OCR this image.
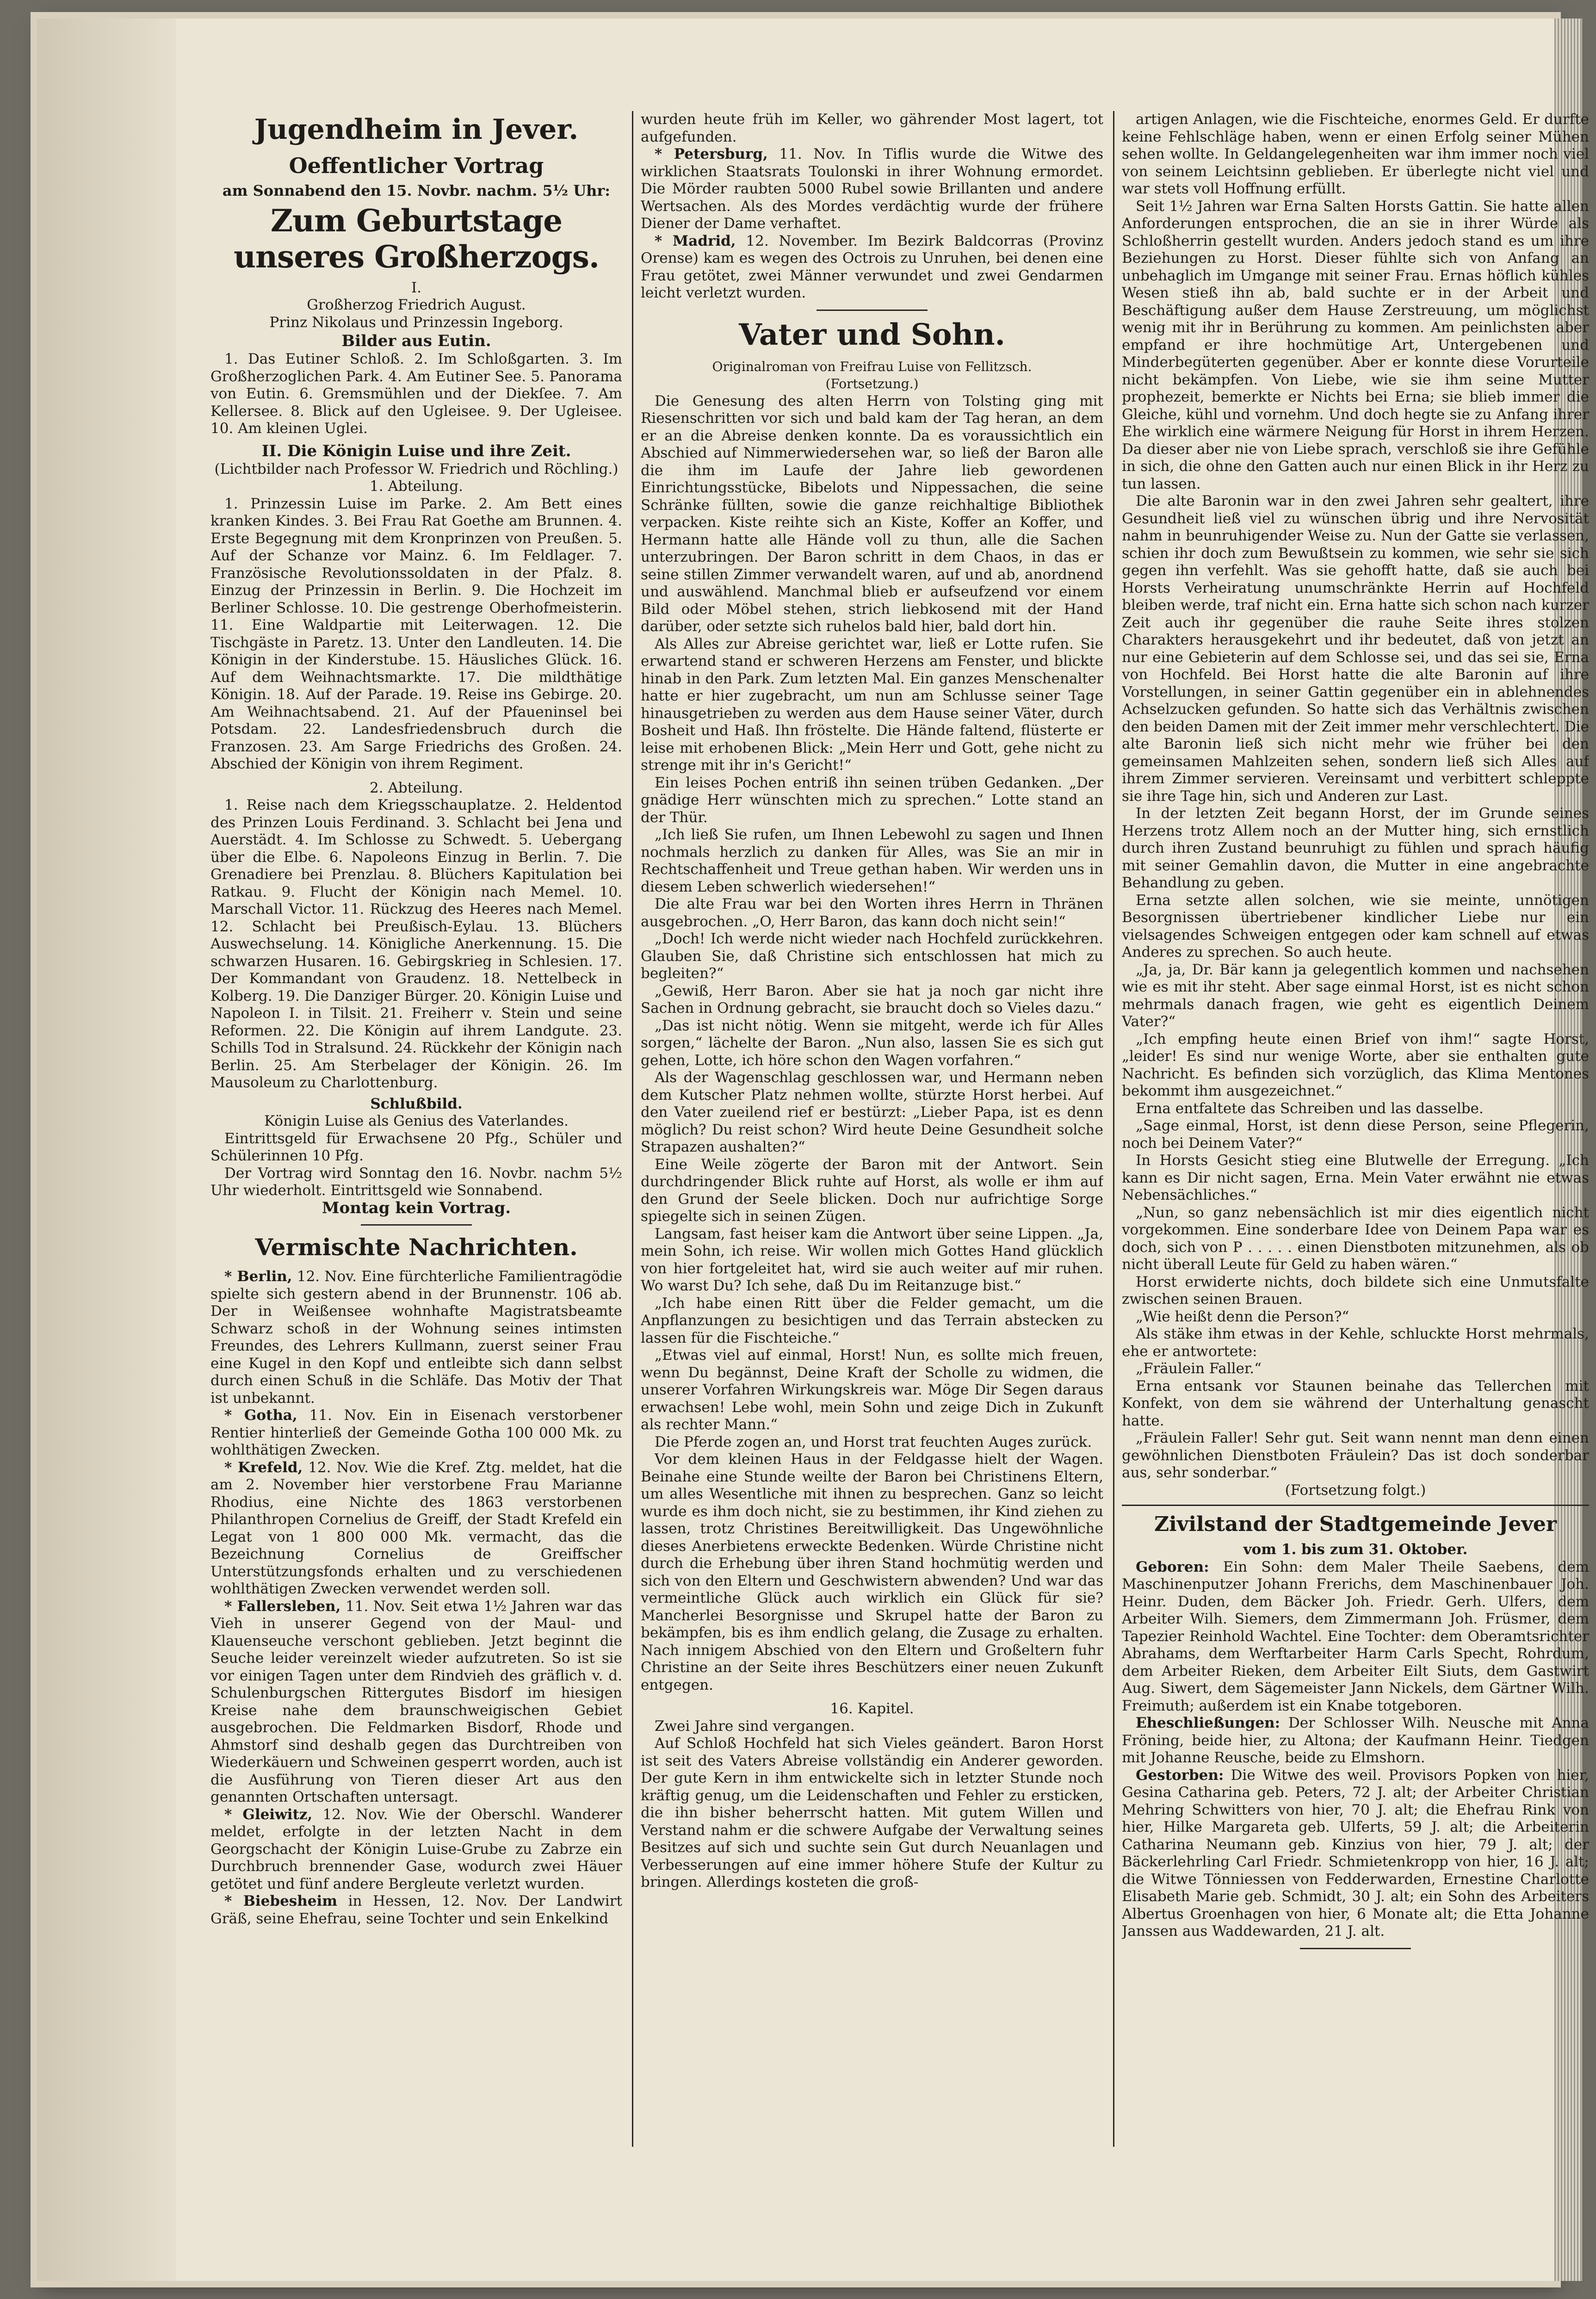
Jugendheim in Jever.
Oeffentlicher Vortrag
am Sonnabend den 15. Novbr. nachm. 5½ Uhr:
Zum Geburtstage unseres Großherzogs.
I.
Großherzog Friedrich August.
Prinz Nikolaus und Prinzessin Ingeborg.
Bilder aus Eutin.

1. Das Eutiner Schloß. 2. Im Schloßgarten. 3. Im Großherzoglichen Park. 4. Am Eutiner See. 5. Panorama von Eutin. 6. Gremsmühlen und der Diekſee. 7. Am Kellersee. 8. Blick auf den Ugleisee. 9. Der Ugleisee. 10. Am kleinen Uglei.

II. Die Königin Luise und ihre Zeit.
(Lichtbilder nach Professor W. Friedrich und Röchling.)
1. Abteilung.

1. Prinzessin Luise im Parke. 2. Am Bett eines kranken Kindes. 3. Bei Frau Rat Goethe am Brunnen. 4. Erste Begegnung mit dem Kronprinzen von Preußen. 5. Auf der Schanze vor Mainz. 6. Im Feldlager. 7. Französische Revolutionssoldaten in der Pfalz. 8. Einzug der Prinzessin in Berlin. 9. Die Hochzeit im Berliner Schlosse. 10. Die gestrenge Oberhofmeisterin. 11. Eine Waldpartie mit Leiterwagen. 12. Die Tischgäste in Paretz. 13. Unter den Landleuten. 14. Die Königin in der Kinderstube. 15. Häusliches Glück. 16. Auf dem Weihnachtsmarkte. 17. Die mildthätige Königin. 18. Auf der Parade. 19. Reise ins Gebirge. 20. Am Weihnachtsabend. 21. Auf der Pfaueninsel bei Potsdam. 22. Landesfriedensbruch durch die Franzosen. 23. Am Sarge Friedrichs des Großen. 24. Abschied der Königin von ihrem Regiment.

2. Abteilung.

1. Reise nach dem Kriegsschauplatze. 2. Heldentod des Prinzen Louis Ferdinand. 3. Schlacht bei Jena und Auerstädt. 4. Im Schlosse zu Schwedt. 5. Uebergang über die Elbe. 6. Napoleons Einzug in Berlin. 7. Die Grenadiere bei Prenzlau. 8. Blüchers Kapitulation bei Ratkau. 9. Flucht der Königin nach Memel. 10. Marschall Victor. 11. Rückzug des Heeres nach Memel. 12. Schlacht bei Preußisch-Eylau. 13. Blüchers Auswechselung. 14. Königliche Anerkennung. 15. Die schwarzen Husaren. 16. Gebirgskrieg in Schlesien. 17. Der Kommandant von Graudenz. 18. Nettelbeck in Kolberg. 19. Die Danziger Bürger. 20. Königin Luise und Napoleon I. in Tilsit. 21. Freiherr v. Stein und seine Reformen. 22. Die Königin auf ihrem Landgute. 23. Schills Tod in Stralsund. 24. Rückkehr der Königin nach Berlin. 25. Am Sterbelager der Königin. 26. Im Mausoleum zu Charlottenburg.

Schlußbild.
Königin Luise als Genius des Vaterlandes.

Eintrittsgeld für Erwachsene 20 Pfg., Schüler und Schülerinnen 10 Pfg.

Der Vortrag wird Sonntag den 16. Novbr. nachm 5½ Uhr wiederholt. Eintrittsgeld wie Sonnabend.

Montag kein Vortrag.
Vermischte Nachrichten.

* Berlin, 12. Nov. Eine fürchterliche Familientragödie spielte sich gestern abend in der Brunnenstr. 106 ab. Der in Weißensee wohnhafte Magistratsbeamte Schwarz schoß in der Wohnung seines intimsten Freundes, des Lehrers Kullmann, zuerst seiner Frau eine Kugel in den Kopf und entleibte sich dann selbst durch einen Schuß in die Schläfe. Das Motiv der That ist unbekannt.

* Gotha, 11. Nov. Ein in Eisenach verstorbener Rentier hinterließ der Gemeinde Gotha 100 000 Mk. zu wohlthätigen Zwecken.

* Krefeld, 12. Nov. Wie die Kref. Ztg. meldet, hat die am 2. November hier verstorbene Frau Marianne Rhodius, eine Nichte des 1863 verstorbenen Philanthropen Cornelius de Greiff, der Stadt Krefeld ein Legat von 1 800 000 Mk. vermacht, das die Bezeichnung Cornelius de Greiffscher Unterstützungsfonds erhalten und zu verschiedenen wohlthätigen Zwecken verwendet werden soll.

* Fallersleben, 11. Nov. Seit etwa 1½ Jahren war das Vieh in unserer Gegend von der Maul- und Klauenseuche verschont geblieben. Jetzt beginnt die Seuche leider vereinzelt wieder aufzutreten. So ist sie vor einigen Tagen unter dem Rindvieh des gräflich v. d. Schulenburgschen Rittergutes Bisdorf im hiesigen Kreise nahe dem braunschweigischen Gebiet ausgebrochen. Die Feldmarken Bisdorf, Rhode und Ahmstorf sind deshalb gegen das Durchtreiben von Wiederkäuern und Schweinen gesperrt worden, auch ist die Ausführung von Tieren dieser Art aus den genannten Ortschaften untersagt.

* Gleiwitz, 12. Nov. Wie der Oberschl. Wanderer meldet, erfolgte in der letzten Nacht in dem Georgschacht der Königin Luise-Grube zu Zabrze ein Durchbruch brennender Gase, wodurch zwei Häuer getötet und fünf andere Bergleute verletzt wurden.

* Biebesheim in Hessen, 12. Nov. Der Landwirt Gräß, seine Ehefrau, seine Tochter und sein Enkelkind

wurden heute früh im Keller, wo gährender Most lagert, tot aufgefunden.

* Petersburg, 11. Nov. In Tiflis wurde die Witwe des wirklichen Staatsrats Toulonski in ihrer Wohnung ermordet. Die Mörder raubten 5000 Rubel sowie Brillanten und andere Wertsachen. Als des Mordes verdächtig wurde der frühere Diener der Dame verhaftet.

* Madrid, 12. November. Im Bezirk Baldcorras (Provinz Orense) kam es wegen des Octrois zu Unruhen, bei denen eine Frau getötet, zwei Männer verwundet und zwei Gendarmen leicht verletzt wurden.

Vater und Sohn.
Originalroman von Freifrau Luise von Fellitzsch.
(Fortsetzung.)

Die Genesung des alten Herrn von Tolsting ging mit Riesenschritten vor sich und bald kam der Tag heran, an dem er an die Abreise denken konnte. Da es voraussichtlich ein Abschied auf Nimmerwiedersehen war, so ließ der Baron alle die ihm im Laufe der Jahre lieb gewordenen Einrichtungsstücke, Bibelots und Nippessachen, die seine Schränke füllten, sowie die ganze reichhaltige Bibliothek verpacken. Kiste reihte sich an Kiste, Koffer an Koffer, und Hermann hatte alle Hände voll zu thun, alle die Sachen unterzubringen. Der Baron schritt in dem Chaos, in das er seine stillen Zimmer verwandelt waren, auf und ab, anordnend und auswählend. Manchmal blieb er aufseufzend vor einem Bild oder Möbel stehen, strich liebkosend mit der Hand darüber, oder setzte sich ruhelos bald hier, bald dort hin.

Als Alles zur Abreise gerichtet war, ließ er Lotte rufen. Sie erwartend stand er schweren Herzens am Fenster, und blickte hinab in den Park. Zum letzten Mal. Ein ganzes Menschenalter hatte er hier zugebracht, um nun am Schlusse seiner Tage hinausgetrieben zu werden aus dem Hause seiner Väter, durch Bosheit und Haß. Ihn fröstelte. Die Hände faltend, flüsterte er leise mit erhobenen Blick: „Mein Herr und Gott, gehe nicht zu strenge mit ihr in's Gericht!“

Ein leises Pochen entriß ihn seinen trüben Gedanken. „Der gnädige Herr wünschten mich zu sprechen.“ Lotte stand an der Thür.

„Ich ließ Sie rufen, um Ihnen Lebewohl zu sagen und Ihnen nochmals herzlich zu danken für Alles, was Sie an mir in Rechtschaffenheit und Treue gethan haben. Wir werden uns in diesem Leben schwerlich wiedersehen!“

Die alte Frau war bei den Worten ihres Herrn in Thränen ausgebrochen. „O, Herr Baron, das kann doch nicht sein!“

„Doch! Ich werde nicht wieder nach Hochfeld zurückkehren. Glauben Sie, daß Christine sich entschlossen hat mich zu begleiten?“

„Gewiß, Herr Baron. Aber sie hat ja noch gar nicht ihre Sachen in Ordnung gebracht, sie braucht doch so Vieles dazu.“

„Das ist nicht nötig. Wenn sie mitgeht, werde ich für Alles sorgen,“ lächelte der Baron. „Nun also, lassen Sie es sich gut gehen, Lotte, ich höre schon den Wagen vorfahren.“

Als der Wagenschlag geschlossen war, und Hermann neben dem Kutscher Platz nehmen wollte, stürzte Horst herbei. Auf den Vater zueilend rief er bestürzt: „Lieber Papa, ist es denn möglich? Du reist schon? Wird heute Deine Gesundheit solche Strapazen aushalten?“

Eine Weile zögerte der Baron mit der Antwort. Sein durchdringender Blick ruhte auf Horst, als wolle er ihm auf den Grund der Seele blicken. Doch nur aufrichtige Sorge spiegelte sich in seinen Zügen.

Langsam, fast heiser kam die Antwort über seine Lippen. „Ja, mein Sohn, ich reise. Wir wollen mich Gottes Hand glücklich von hier fortgeleitet hat, wird sie auch weiter auf mir ruhen. Wo warst Du? Ich sehe, daß Du im Reitanzuge bist.“

„Ich habe einen Ritt über die Felder gemacht, um die Anpflanzungen zu besichtigen und das Terrain abstecken zu lassen für die Fischteiche.“

„Etwas viel auf einmal, Horst! Nun, es sollte mich freuen, wenn Du begännst, Deine Kraft der Scholle zu widmen, die unserer Vorfahren Wirkungskreis war. Möge Dir Segen daraus erwachsen! Lebe wohl, mein Sohn und zeige Dich in Zukunft als rechter Mann.“

Die Pferde zogen an, und Horst trat feuchten Auges zurück.

Vor dem kleinen Haus in der Feldgasse hielt der Wagen. Beinahe eine Stunde weilte der Baron bei Christinens Eltern, um alles Wesentliche mit ihnen zu besprechen. Ganz so leicht wurde es ihm doch nicht, sie zu bestimmen, ihr Kind ziehen zu lassen, trotz Christines Bereitwilligkeit. Das Ungewöhnliche dieses Anerbietens erweckte Bedenken. Würde Christine nicht durch die Erhebung über ihren Stand hochmütig werden und sich von den Eltern und Geschwistern abwenden? Und war das vermeintliche Glück auch wirklich ein Glück für sie? Mancherlei Besorgnisse und Skrupel hatte der Baron zu bekämpfen, bis es ihm endlich gelang, die Zusage zu erhalten. Nach innigem Abschied von den Eltern und Großeltern fuhr Christine an der Seite ihres Beschützers einer neuen Zukunft entgegen.

16. Kapitel.

Zwei Jahre sind vergangen.

Auf Schloß Hochfeld hat sich Vieles geändert. Baron Horst ist seit des Vaters Abreise vollständig ein Anderer geworden. Der gute Kern in ihm entwickelte sich in letzter Stunde noch kräftig genug, um die Leidenschaften und Fehler zu ersticken, die ihn bisher beherrscht hatten. Mit gutem Willen und Verstand nahm er die schwere Aufgabe der Verwaltung seines Besitzes auf sich und suchte sein Gut durch Neuanlagen und Verbesserungen auf eine immer höhere Stufe der Kultur zu bringen. Allerdings kosteten die groß-

artigen Anlagen, wie die Fischteiche, enormes Geld. Er durfte keine Fehlschläge haben, wenn er einen Erfolg seiner Mühen sehen wollte. In Geldangelegenheiten war ihm immer noch viel von seinem Leichtsinn geblieben. Er überlegte nicht viel und war stets voll Hoffnung erfüllt.

Seit 1½ Jahren war Erna Salten Horsts Gattin. Sie hatte allen Anforderungen entsprochen, die an sie in ihrer Würde als Schloßherrin gestellt wurden. Anders jedoch stand es um ihre Beziehungen zu Horst. Dieser fühlte sich von Anfang an unbehaglich im Umgange mit seiner Frau. Ernas höflich kühles Wesen stieß ihn ab, bald suchte er in der Arbeit und Beschäftigung außer dem Hause Zerstreuung, um möglichst wenig mit ihr in Berührung zu kommen. Am peinlichsten aber empfand er ihre hochmütige Art, Untergebenen und Minderbegüterten gegenüber. Aber er konnte diese Vorurteile nicht bekämpfen. Von Liebe, wie sie ihm seine Mutter prophezeit, bemerkte er Nichts bei Erna; sie blieb immer die Gleiche, kühl und vornehm. Und doch hegte sie zu Anfang ihrer Ehe wirklich eine wärmere Neigung für Horst in ihrem Herzen. Da dieser aber nie von Liebe sprach, verschloß sie ihre Gefühle in sich, die ohne den Gatten auch nur einen Blick in ihr Herz zu tun lassen.

Die alte Baronin war in den zwei Jahren sehr gealtert, ihre Gesundheit ließ viel zu wünschen übrig und ihre Nervosität nahm in beunruhigender Weise zu. Nun der Gatte sie verlassen, schien ihr doch zum Bewußtsein zu kommen, wie sehr sie sich gegen ihn verfehlt. Was sie gehofft hatte, daß sie auch bei Horsts Verheiratung unumschränkte Herrin auf Hochfeld bleiben werde, traf nicht ein. Erna hatte sich schon nach kurzer Zeit auch ihr gegenüber die rauhe Seite ihres stolzen Charakters herausgekehrt und ihr bedeutet, daß von jetzt an nur eine Gebieterin auf dem Schlosse sei, und das sei sie, Erna von Hochfeld. Bei Horst hatte die alte Baronin auf ihre Vorstellungen, in seiner Gattin gegenüber ein in ablehnendes Achselzucken gefunden. So hatte sich das Verhältnis zwischen den beiden Damen mit der Zeit immer mehr verschlechtert. Die alte Baronin ließ sich nicht mehr wie früher bei den gemeinsamen Mahlzeiten sehen, sondern ließ sich Alles auf ihrem Zimmer servieren. Vereinsamt und verbittert schleppte sie ihre Tage hin, sich und Anderen zur Last.

In der letzten Zeit begann Horst, der im Grunde seines Herzens trotz Allem noch an der Mutter hing, sich ernstlich durch ihren Zustand beunruhigt zu fühlen und sprach häufig mit seiner Gemahlin davon, die Mutter in eine angebrachte Behandlung zu geben.

Erna setzte allen solchen, wie sie meinte, unnötigen Besorgnissen übertriebener kindlicher Liebe nur ein vielsagendes Schweigen entgegen oder kam schnell auf etwas Anderes zu sprechen. So auch heute.

„Ja, ja, Dr. Bär kann ja gelegentlich kommen und nachsehen wie es mit ihr steht. Aber sage einmal Horst, ist es nicht schon mehrmals danach fragen, wie geht es eigentlich Deinem Vater?“

„Ich empfing heute einen Brief von ihm!“ sagte Horst, „leider! Es sind nur wenige Worte, aber sie enthalten gute Nachricht. Es befinden sich vorzüglich, das Klima Mentones bekommt ihm ausgezeichnet.“

Erna entfaltete das Schreiben und las dasselbe.

„Sage einmal, Horst, ist denn diese Person, seine Pflegerin, noch bei Deinem Vater?“

In Horsts Gesicht stieg eine Blutwelle der Erregung. „Ich kann es Dir nicht sagen, Erna. Mein Vater erwähnt nie etwas Nebensächliches.“

„Nun, so ganz nebensächlich ist mir dies eigentlich nicht vorgekommen. Eine sonderbare Idee von Deinem Papa war es doch, sich von P . . . . . einen Dienstboten mitzunehmen, als ob nicht überall Leute für Geld zu haben wären.“

Horst erwiderte nichts, doch bildete sich eine Unmutsfalte zwischen seinen Brauen.

„Wie heißt denn die Person?“

Als stäke ihm etwas in der Kehle, schluckte Horst mehrmals, ehe er antwortete:

„Fräulein Faller.“

Erna entsank vor Staunen beinahe das Tellerchen mit Konfekt, von dem sie während der Unterhaltung genascht hatte.

„Fräulein Faller! Sehr gut. Seit wann nennt man denn einen gewöhnlichen Dienstboten Fräulein? Das ist doch sonderbar aus, sehr sonderbar.“

(Fortsetzung folgt.)
Zivilstand der Stadtgemeinde Jever
vom 1. bis zum 31. Oktober.

Geboren: Ein Sohn: dem Maler Theile Saebens, dem Maschinenputzer Johann Frerichs, dem Maschinenbauer Joh. Heinr. Duden, dem Bäcker Joh. Friedr. Gerh. Ulfers, dem Arbeiter Wilh. Siemers, dem Zimmermann Joh. Früsmer, dem Tapezier Reinhold Wachtel. Eine Tochter: dem Oberamtsrichter Abrahams, dem Werftarbeiter Harm Carls Specht, Rohrdum, dem Arbeiter Rieken, dem Arbeiter Eilt Siuts, dem Gastwirt Aug. Siwert, dem Sägemeister Jann Nickels, dem Gärtner Wilh. Freimuth; außerdem ist ein Knabe totgeboren.

Eheschließungen: Der Schlosser Wilh. Neusche mit Anna Fröning, beide hier, zu Altona; der Kaufmann Heinr. Tiedgen mit Johanne Reusche, beide zu Elmshorn.

Gestorben: Die Witwe des weil. Provisors Popken von hier, Gesina Catharina geb. Peters, 72 J. alt; der Arbeiter Christian Mehring Schwitters von hier, 70 J. alt; die Ehefrau Rink von hier, Hilke Margareta geb. Ulferts, 59 J. alt; die Arbeiterin Catharina Neumann geb. Kinzius von hier, 79 J. alt; der Bäckerlehrling Carl Friedr. Schmietenkropp von hier, 16 J. alt; die Witwe Tönniessen von Fedderwarden, Ernestine Charlotte Elisabeth Marie geb. Schmidt, 30 J. alt; ein Sohn des Arbeiters Albertus Groenhagen von hier, 6 Monate alt; die Etta Johanne Janssen aus Waddewarden, 21 J. alt.
